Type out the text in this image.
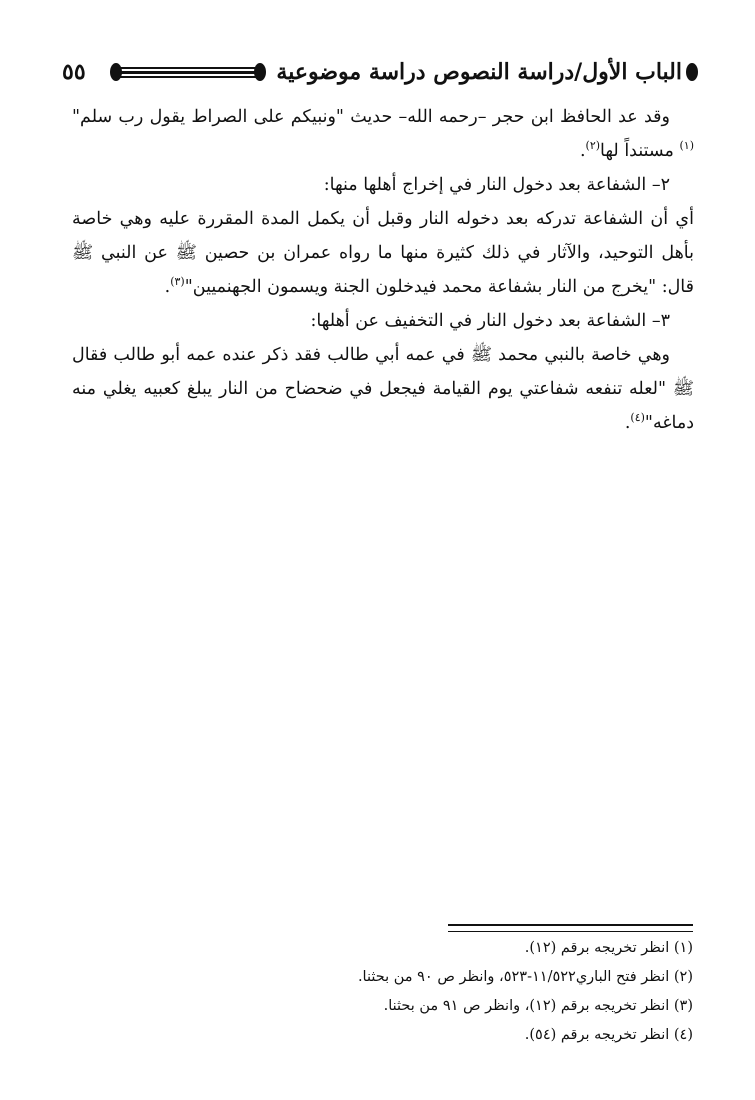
الباب الأول/دراسة النصوص دراسة موضوعية
٥٥

وقد عد الحافظ ابن حجر –رحمه الله– حديث "ونبيكم على الصراط يقول رب سلم"$^{(١)}$ مستنداً لها$^{(٢)}$.

٢– الشفاعة بعد دخول النار في إخراج أهلها منها:

أي أن الشفاعة تدركه بعد دخوله النار وقبل أن يكمل المدة المقررة عليه وهي خاصة بأهل التوحيد، والآثار في ذلك كثيرة منها ما رواه عمران بن حصين ﷺ عن النبي ﷺ قال: "يخرج من النار بشفاعة محمد فيدخلون الجنة ويسمون الجهنميين"$^{(٣)}$.

٣– الشفاعة بعد دخول النار في التخفيف عن أهلها:

وهي خاصة بالنبي محمد ﷺ في عمه أبي طالب فقد ذكر عنده عمه أبو طالب فقال ﷺ "لعله تنفعه شفاعتي يوم القيامة فيجعل في ضحضاح من النار يبلغ كعبيه يغلي منه دماغه"$^{(٤)}$.

(١) انظر تخريجه برقم (١٢).

(٢) انظر فتح الباري١١/٥٢٢-٥٢٣، وانظر ص ٩٠ من بحثنا.

(٣) انظر تخريجه برقم (١٢)، وانظر ص ٩١ من بحثنا.

(٤) انظر تخريجه برقم (٥٤).
